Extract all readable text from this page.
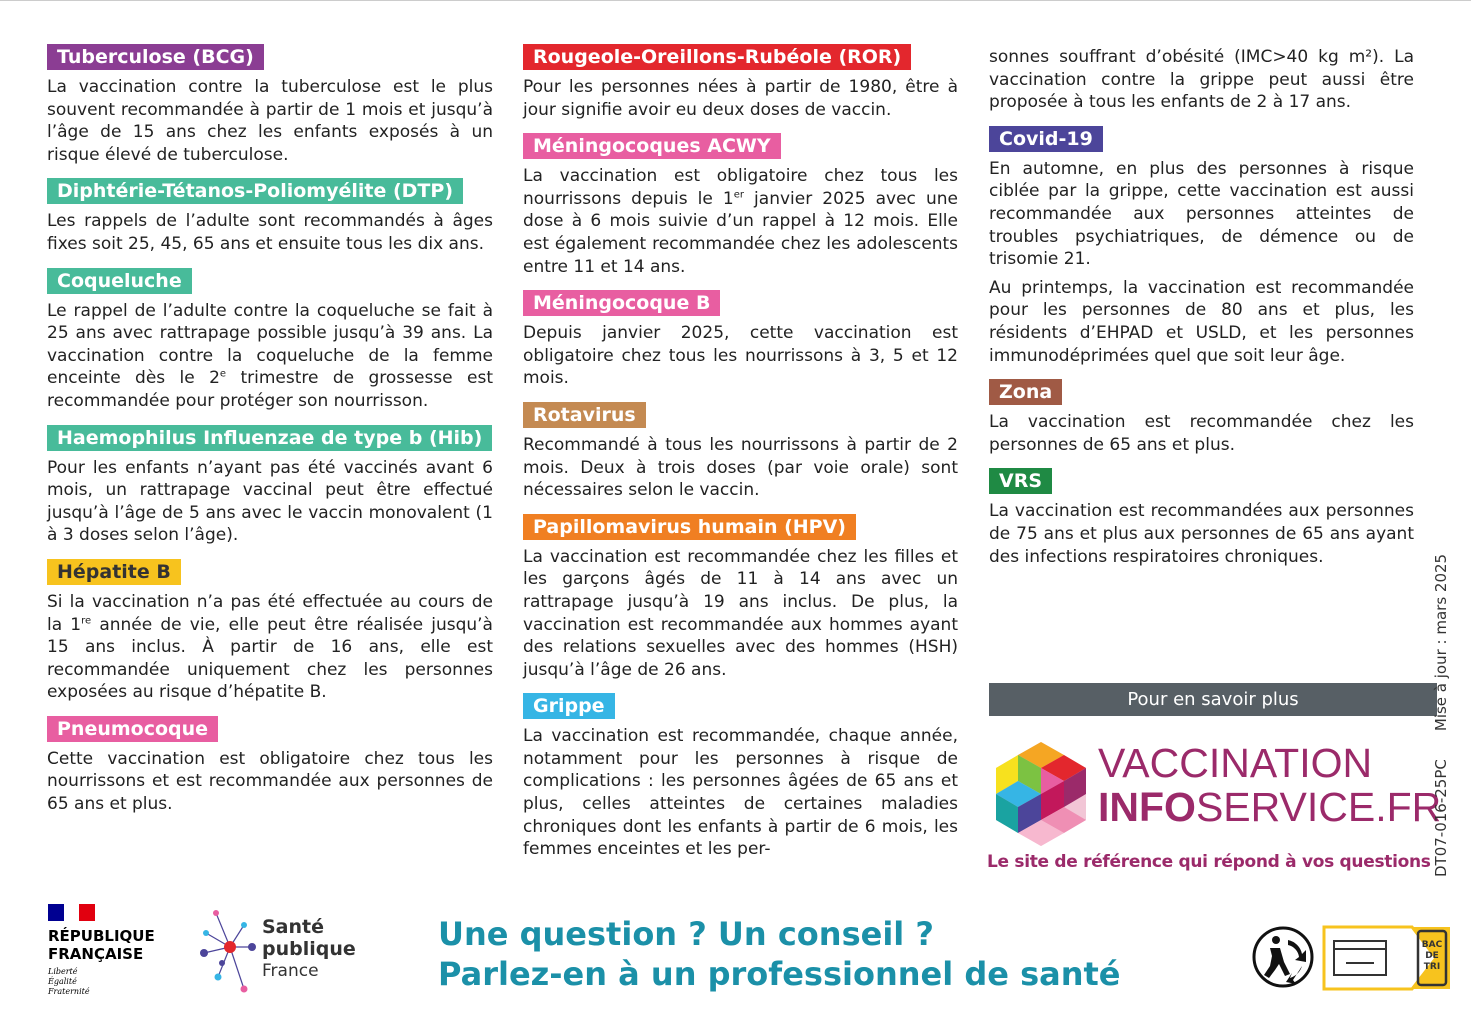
Tuberculose (BCG)

La vaccination contre la tuberculose est le plus souvent recommandée à partir de 1 mois et jusqu’à l’âge de 15 ans chez les enfants exposés à un risque élevé de tuberculose.

Diphtérie-Tétanos-Poliomyélite (DTP)

Les rappels de l’adulte sont recommandés à âges fixes soit 25, 45, 65 ans et ensuite tous les dix ans.

Coqueluche

Le rappel de l’adulte contre la coqueluche se fait à 25 ans avec rattrapage possible jusqu’à 39 ans. La vaccination contre la coqueluche de la femme enceinte dès le 2e trimestre de grossesse est recommandée pour protéger son nourrisson.

Haemophilus Influenzae de type b (Hib)

Pour les enfants n’ayant pas été vaccinés avant 6 mois, un rattrapage vaccinal peut être effectué jusqu’à l’âge de 5 ans avec le vaccin monovalent (1 à 3 doses selon l’âge).

Hépatite B

Si la vaccination n’a pas été effectuée au cours de la 1re année de vie, elle peut être réalisée jusqu’à 15 ans inclus. À partir de 16 ans, elle est recommandée uniquement chez les personnes exposées au risque d’hépatite B.

Pneumocoque

Cette vaccination est obligatoire chez tous les nourrissons et est recommandée aux personnes de 65 ans et plus.

Rougeole-Oreillons-Rubéole (ROR)

Pour les personnes nées à partir de 1980, être à jour signifie avoir eu deux doses de vaccin.

Méningocoques ACWY

La vaccination est obligatoire chez tous les nourrissons depuis le 1er janvier 2025 avec une dose à 6 mois suivie d’un rappel à 12 mois. Elle est également recommandée chez les adolescents entre 11 et 14 ans.

Méningocoque B

Depuis janvier 2025, cette vaccination est obligatoire chez tous les nourrissons à 3, 5 et 12 mois.

Rotavirus

Recommandé à tous les nourrissons à partir de 2 mois. Deux à trois doses (par voie orale) sont nécessaires selon le vaccin.

Papillomavirus humain (HPV)

La vaccination est recommandée chez les filles et les garçons âgés de 11 à 14 ans avec un rattrapage jusqu’à 19 ans inclus. De plus, la vaccination est recommandée aux hommes ayant des relations sexuelles avec des hommes (HSH) jusqu’à l’âge de 26 ans.

Grippe

La vaccination est recommandée, chaque année, notamment pour les personnes à risque de complications : les personnes âgées de 65 ans et plus, celles atteintes de certaines maladies chroniques dont les enfants à partir de 6 mois, les femmes enceintes et les per-

sonnes souffrant d’obésité (IMC>40 kg m²). La vaccination contre la grippe peut aussi être proposée à tous les enfants de 2 à 17 ans.

Covid-19

En automne, en plus des personnes à risque ciblée par la grippe, cette vaccination est aussi recommandée aux personnes atteintes de troubles psychiatriques, de démence ou de trisomie 21.

Au printemps, la vaccination est recommandée pour les personnes de 80 ans et plus, les résidents d’EHPAD et USLD, et les personnes immunodéprimées quel que soit leur âge.

Zona

La vaccination est recommandée chez les personnes de 65 ans et plus.

VRS

La vaccination est recommandées aux personnes de 75 ans et plus aux personnes de 65 ans ayant des infections respiratoires chroniques.

Pour en savoir plus
VACCINATION
INFOSERVICE.FR
Le site de référence qui répond à vos questions DT07-016-25PCMise à jour : mars 2025
RÉPUBLIQUE
FRANÇAISE
Liberté
Égalité
Fraternité
Santé
publique
France
Une question ? Un conseil ?
Parlez-en à un professionnel de santé
BAC
DE
TRI
